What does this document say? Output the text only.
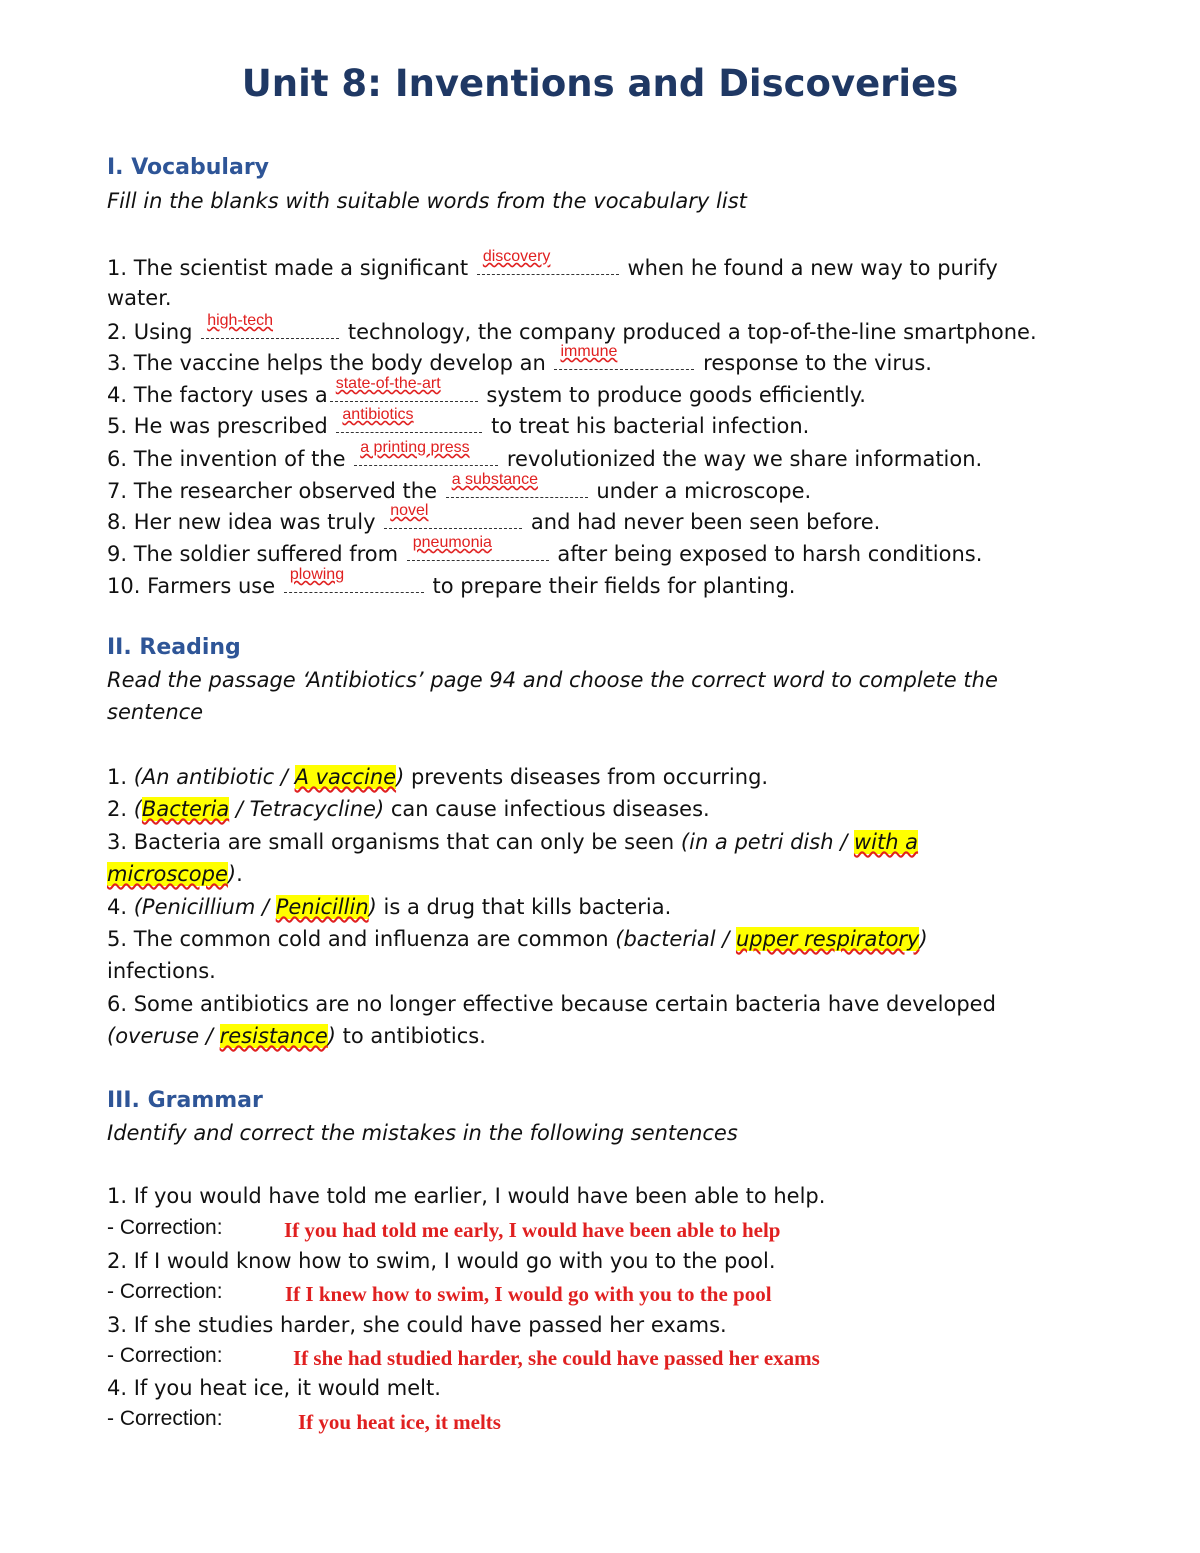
Unit 8: Inventions and Discoveries
I. Vocabulary
Fill in the blanks with suitable words from the vocabulary list
1. The scientist made a significant discovery	when he found a new way to purify
water.
2. Using high-tech	technology, the company produced a top-of-the-line smartphone.
3. The vaccine helps the body develop an immune	response to the virus.
4. The factory uses a state-of-the-art system to produce goods efficiently.
5. He was prescribed antibiotics	to treat his bacterial infection.
6. The invention of the a printing press revolutionized the way we share information.
7. The researcher observed the a substance under a microscope.
8. Her new idea was truly novel	and had never been seen before.
9. The soldier suffered from pneumonia	after being exposed to harsh conditions.
10. Farmers use plowing	to prepare their fields for planting.
II. Reading
Read the passage ‘Antibiotics’ page 94 and choose the correct word to complete the
sentence
1. (An antibiotic / A vaccine) prevents diseases from occurring.
2. (Bacteria / Tetracycline) can cause infectious diseases.
3. Bacteria are small organisms that can only be seen (in a petri dish / with a
microscope).
4. (Penicillium / Penicillin) is a drug that kills bacteria.
5. The common cold and influenza are common (bacterial / upper respiratory)
infections.
6. Some antibiotics are no longer effective because certain bacteria have developed
(overuse / resistance) to antibiotics.
III. Grammar
Identify and correct the mistakes in the following sentences
1. If you would have told me earlier, I would have been able to help.
- Correction:	If you had told me early, I would have been able to help
2. If I would know how to swim, I would go with you to the pool.
- Correction:	If I knew how to swim, I would go with you to the pool
3. If she studies harder, she could have passed her exams.
- Correction:	If she had studied harder, she could have passed her exams
4. If you heat ice, it would melt.
- Correction:	If you heat ice, it melts
